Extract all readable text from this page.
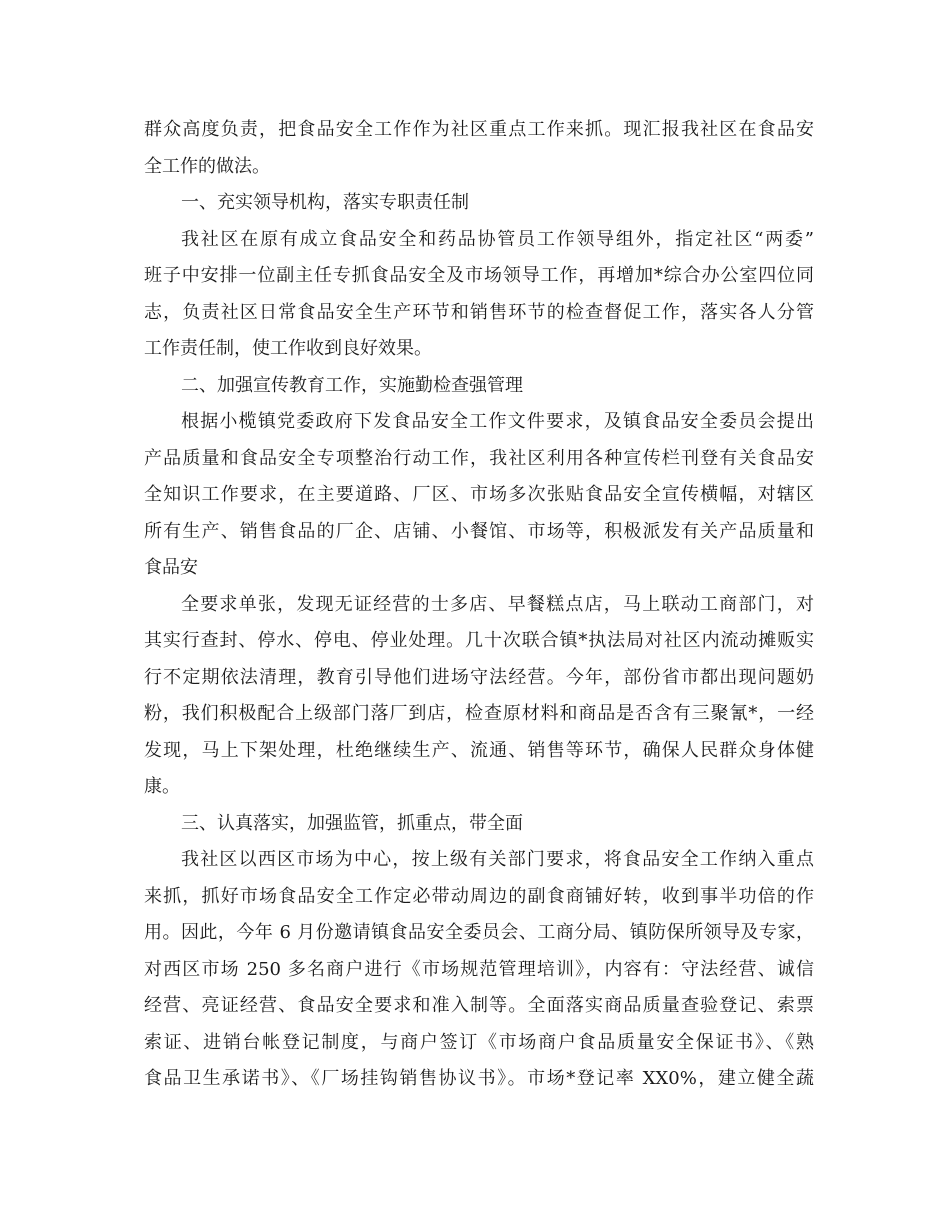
群众高度负责，把食品安全工作作为社区重点工作来抓。现汇报我社区在食品安
全工作的做法。
一、充实领导机构，落实专职责任制
我社区在原有成立食品安全和药品协管员工作领导组外，指定社区“两委”
班子中安排一位副主任专抓食品安全及市场领导工作，再增加*综合办公室四位同
志，负责社区日常食品安全生产环节和销售环节的检查督促工作，落实各人分管
工作责任制，使工作收到良好效果。
二、加强宣传教育工作，实施勤检查强管理
根据小榄镇党委政府下发食品安全工作文件要求，及镇食品安全委员会提出
产品质量和食品安全专项整治行动工作，我社区利用各种宣传栏刊登有关食品安
全知识工作要求，在主要道路、厂区、市场多次张贴食品安全宣传横幅，对辖区
所有生产、销售食品的厂企、店铺、小餐馆、市场等，积极派发有关产品质量和
食品安
全要求单张，发现无证经营的士多店、早餐糕点店，马上联动工商部门，对
其实行查封、停水、停电、停业处理。几十次联合镇*执法局对社区内流动摊贩实
行不定期依法清理，教育引导他们进场守法经营。今年，部份省市都出现问题奶
粉，我们积极配合上级部门落厂到店，检查原材料和商品是否含有三聚氰*，一经
发现，马上下架处理，杜绝继续生产、流通、销售等环节，确保人民群众身体健
康。
三、认真落实，加强监管，抓重点，带全面
我社区以西区市场为中心，按上级有关部门要求，将食品安全工作纳入重点
来抓，抓好市场食品安全工作定必带动周边的副食商铺好转，收到事半功倍的作
用。因此，今年 6 月份邀请镇食品安全委员会、工商分局、镇防保所领导及专家，
对西区市场 250 多名商户进行《市场规范管理培训》，内容有：守法经营、诚信
经营、亮证经营、食品安全要求和准入制等。全面落实商品质量查验登记、索票
索证、进销台帐登记制度，与商户签订《市场商户食品质量安全保证书》、《熟
食品卫生承诺书》、《厂场挂钩销售协议书》。市场*登记率 XX0%，建立健全蔬
